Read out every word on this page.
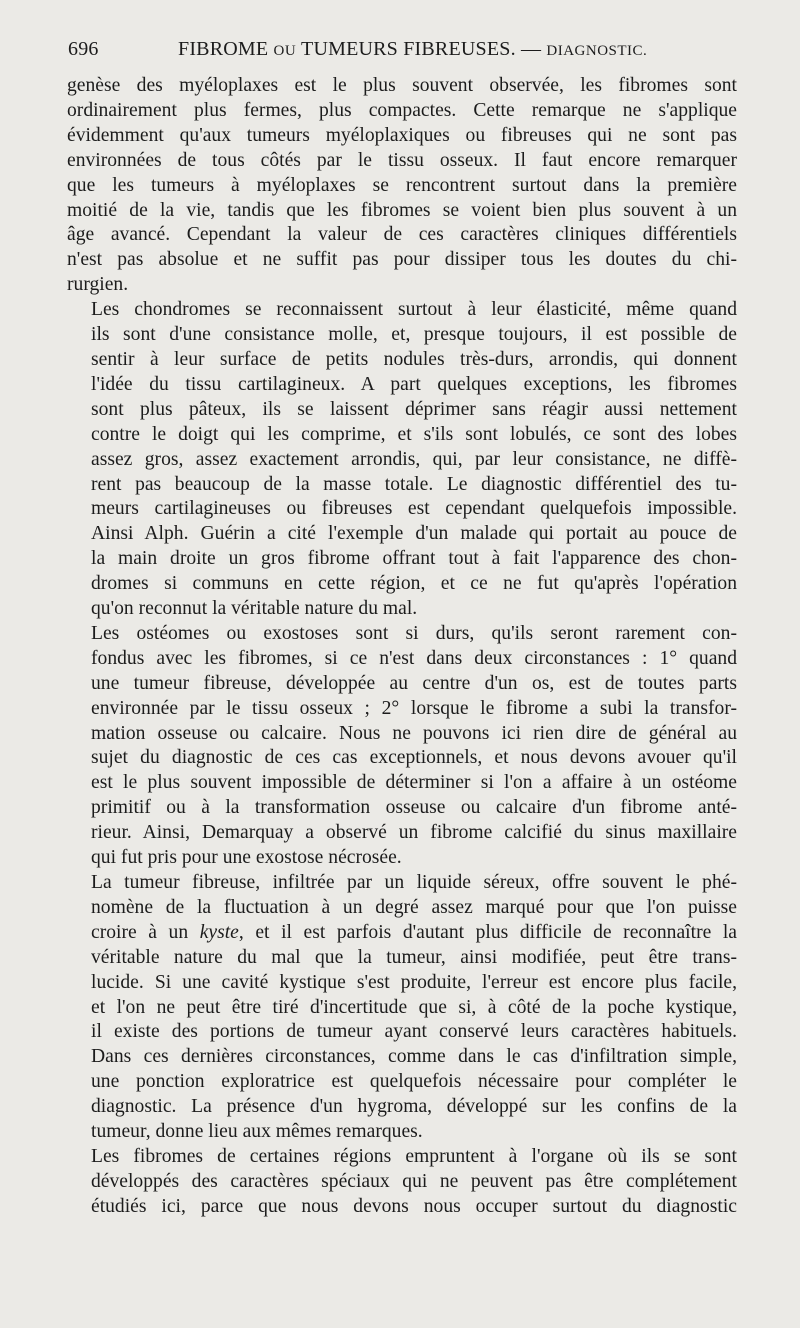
696	FIBROME OU TUMEURS FIBREUSES. — DIAGNOSTIC.

genèse des myéloplaxes est le plus souvent observée, les fibromes sont
ordinairement plus fermes, plus compactes. Cette remarque ne s'applique
évidemment qu'aux tumeurs myéloplaxiques ou fibreuses qui ne sont pas
environnées de tous côtés par le tissu osseux. Il faut encore remarquer
que les tumeurs à myéloplaxes se rencontrent surtout dans la première
moitié de la vie, tandis que les fibromes se voient bien plus souvent à un
âge avancé. Cependant la valeur de ces caractères cliniques différentiels
n'est pas absolue et ne suffit pas pour dissiper tous les doutes du chi-
rurgien.

Les chondromes se reconnaissent surtout à leur élasticité, même quand
ils sont d'une consistance molle, et, presque toujours, il est possible de
sentir à leur surface de petits nodules très-durs, arrondis, qui donnent
l'idée du tissu cartilagineux. A part quelques exceptions, les fibromes
sont plus pâteux, ils se laissent déprimer sans réagir aussi nettement
contre le doigt qui les comprime, et s'ils sont lobulés, ce sont des lobes
assez gros, assez exactement arrondis, qui, par leur consistance, ne diffè-
rent pas beaucoup de la masse totale. Le diagnostic différentiel des tu-
meurs cartilagineuses ou fibreuses est cependant quelquefois impossible.
Ainsi Alph. Guérin a cité l'exemple d'un malade qui portait au pouce de
la main droite un gros fibrome offrant tout à fait l'apparence des chon-
dromes si communs en cette région, et ce ne fut qu'après l'opération
qu'on reconnut la véritable nature du mal.

Les ostéomes ou exostoses sont si durs, qu'ils seront rarement con-
fondus avec les fibromes, si ce n'est dans deux circonstances : 1° quand
une tumeur fibreuse, développée au centre d'un os, est de toutes parts
environnée par le tissu osseux ; 2° lorsque le fibrome a subi la transfor-
mation osseuse ou calcaire. Nous ne pouvons ici rien dire de général au
sujet du diagnostic de ces cas exceptionnels, et nous devons avouer qu'il
est le plus souvent impossible de déterminer si l'on a affaire à un ostéome
primitif ou à la transformation osseuse ou calcaire d'un fibrome anté-
rieur. Ainsi, Demarquay a observé un fibrome calcifié du sinus maxillaire
qui fut pris pour une exostose nécrosée.

La tumeur fibreuse, infiltrée par un liquide séreux, offre souvent le phé-
nomène de la fluctuation à un degré assez marqué pour que l'on puisse
croire à un kyste, et il est parfois d'autant plus difficile de reconnaître la
véritable nature du mal que la tumeur, ainsi modifiée, peut être trans-
lucide. Si une cavité kystique s'est produite, l'erreur est encore plus facile,
et l'on ne peut être tiré d'incertitude que si, à côté de la poche kystique,
il existe des portions de tumeur ayant conservé leurs caractères habituels.
Dans ces dernières circonstances, comme dans le cas d'infiltration simple,
une ponction exploratrice est quelquefois nécessaire pour compléter le
diagnostic. La présence d'un hygroma, développé sur les confins de la
tumeur, donne lieu aux mêmes remarques.

Les fibromes de certaines régions empruntent à l'organe où ils se sont
développés des caractères spéciaux qui ne peuvent pas être complétement
étudiés ici, parce que nous devons nous occuper surtout du diagnostic
